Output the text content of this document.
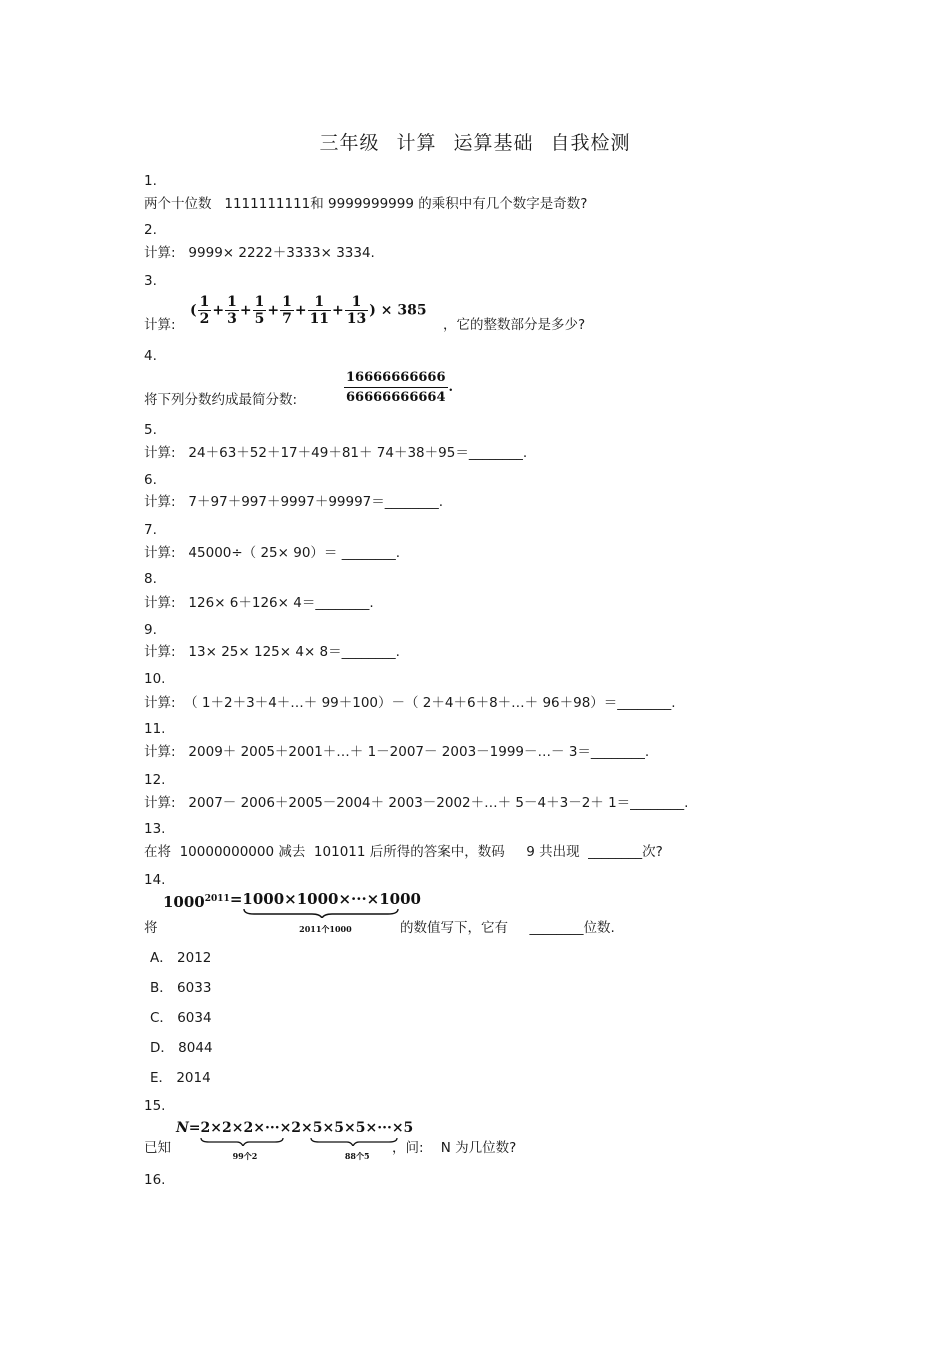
三年级 计算 运算基础 自我检测
1.
两个十位数   1111111111和 9999999999 的乘积中有几个数字是奇数?
2.
计算:   9999× 2222＋3333× 3334.
3.
计算:
( $\frac{1}{2} + \frac{1}{3} + \frac{1}{5} + \frac{1}{7} + \frac{1}{11} + \frac{1}{13}$ ) × 385
，它的整数部分是多少?
4.
将下列分数约成最简分数:	$\frac{16666666666}{66666666664}$ .
5.
计算:   24＋63＋52＋17＋49＋81＋ 74＋38＋95＝________.
6.
计算:   7＋97＋997＋9997＋99997＝________.
7.
计算:   45000÷（ 25× 90）＝ ________.
8.
计算:   126× 6＋126× 4＝________.
9.
计算:   13× 25× 125× 4× 8＝________.
10.
计算:  （ 1＋2＋3＋4＋…＋ 99＋100）－（ 2＋4＋6＋8＋…＋ 96＋98）＝________.
11.
计算:   2009＋ 2005＋2001＋…＋ 1－2007－ 2003－1999－…－ 3＝________.
12.
计算:   2007－ 2006＋2005－2004＋ 2003－2002＋…＋ 5－4＋3－2＋ 1＝________.
13.
在将  10000000000 减去  101011 后所得的答案中，数码     9 共出现  ________次?
14.
将
$1000^{2011}=1000\times 1000\times\cdot\cdot\cdot\times 1000$
2011个1000	的数值写下，它有     ________位数.
A． 2012
B． 6033
C． 6034
D． 8044
E． 2014
15.
已知
N=2×2×2×···×2
99个2×5×5×5×···×5
88个5	，问:    N 为几位数?
16.
